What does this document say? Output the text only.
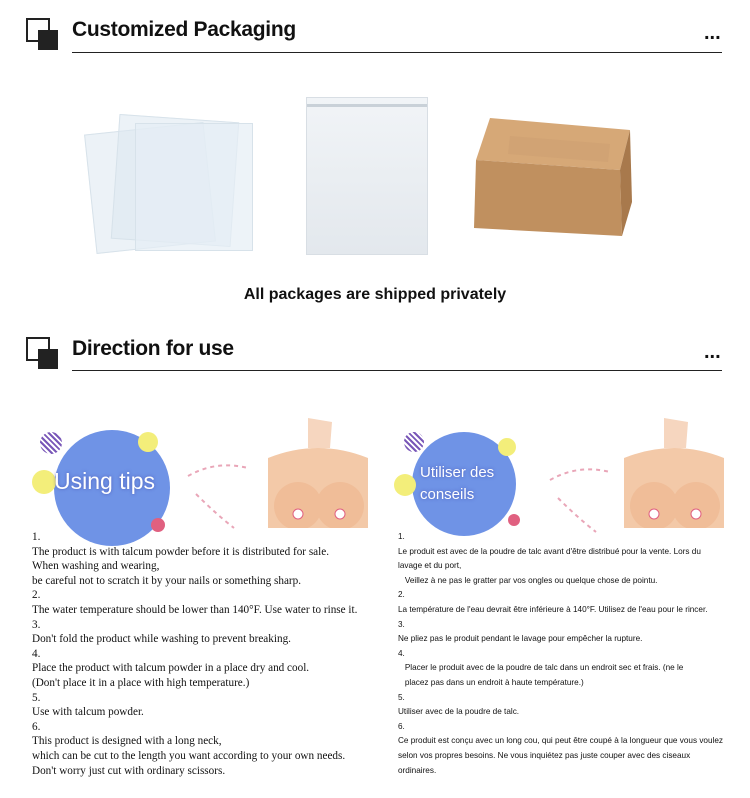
Customized Packaging	...
All packages are shipped privately
Direction for use	...
Using tips
1.
The product is with talcum powder before it is distributed for sale.
When washing and wearing,
be careful not to scratch it by your nails or something sharp.
2.
The water temperature should be lower than 140°F. Use water to rinse it.
3.
Don't fold the product while washing to prevent breaking.
4.
Place the product with talcum powder in a place dry and cool.
(Don't place it in a place with high temperature.)
5.
Use with talcum powder.
6.
This product is designed with a long neck,
which can be cut to the length you want according to your own needs.
Don't worry just cut with ordinary scissors.
Utiliser des
conseils
1.
Le produit est avec de la poudre de talc avant d'être distribué pour la vente. Lors du
lavage et du port,
Veillez à ne pas le gratter par vos ongles ou quelque chose de pointu.
2.
La température de l'eau devrait être inférieure à 140°F. Utilisez de l'eau pour le rincer.
3.
Ne pliez pas le produit pendant le lavage pour empêcher la rupture.
4.
Placer le produit avec de la poudre de talc dans un endroit sec et frais. (ne le
placez pas dans un endroit à haute température.)
5.
Utiliser avec de la poudre de talc.
6.
Ce produit est conçu avec un long cou, qui peut être coupé à la longueur que vous voulez
selon vos propres besoins. Ne vous inquiétez pas juste couper avec des ciseaux
ordinaires.
